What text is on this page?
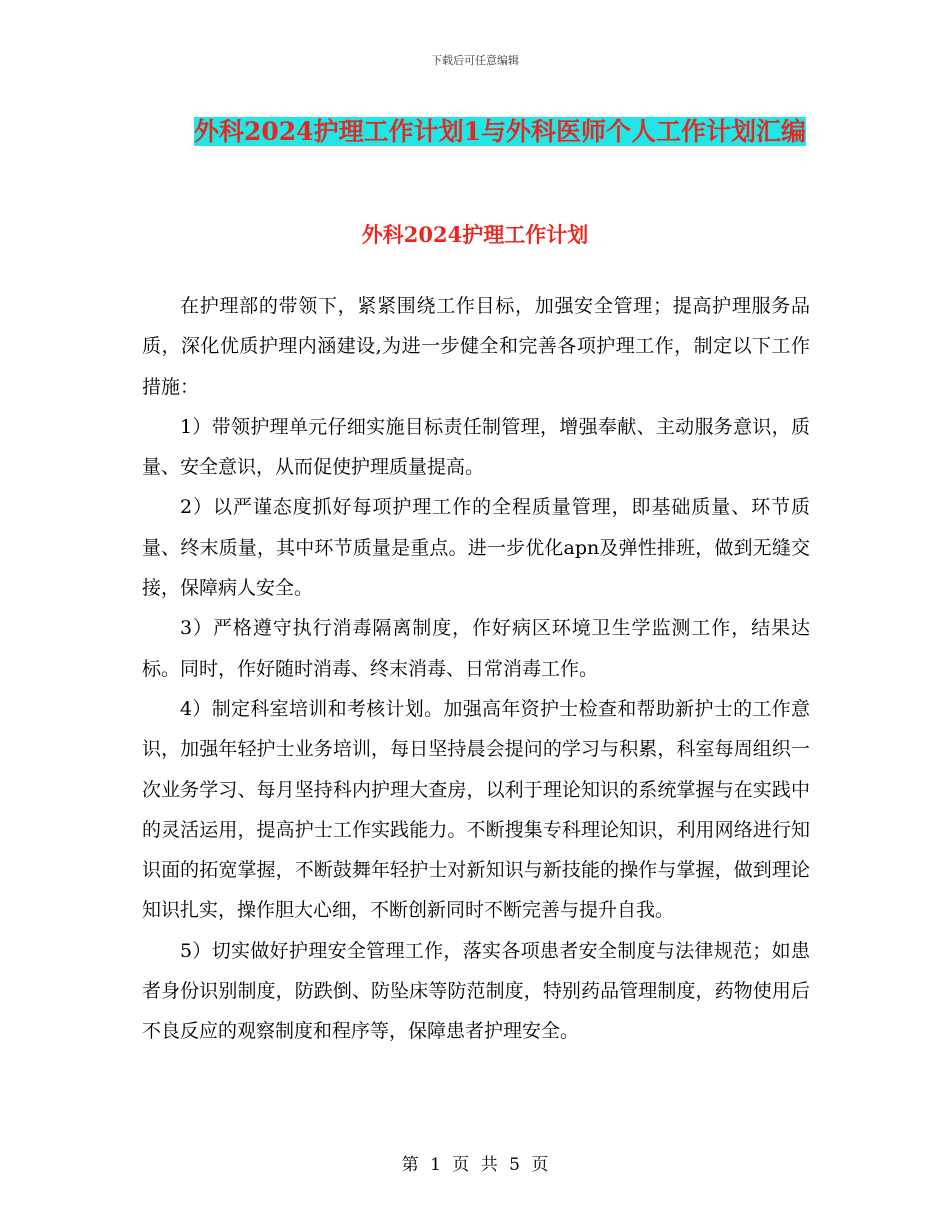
下载后可任意编辑
外科2024护理工作计划1与外科医师个人工作计划汇编
外科2024护理工作计划

在护理部的带领下，紧紧围绕工作目标，加强安全管理；提高护理服务品质，深化优质护理内涵建设,为进一步健全和完善各项护理工作，制定以下工作措施：

1）带领护理单元仔细实施目标责任制管理，增强奉献、主动服务意识，质量、安全意识，从而促使护理质量提高。

2）以严谨态度抓好每项护理工作的全程质量管理，即基础质量、环节质量、终末质量，其中环节质量是重点。进一步优化apn及弹性排班，做到无缝交接，保障病人安全。

3）严格遵守执行消毒隔离制度，作好病区环境卫生学监测工作，结果达标。同时，作好随时消毒、终末消毒、日常消毒工作。

4）制定科室培训和考核计划。加强高年资护士检查和帮助新护士的工作意识，加强年轻护士业务培训，每日坚持晨会提问的学习与积累，科室每周组织一次业务学习、每月坚持科内护理大查房，以利于理论知识的系统掌握与在实践中的灵活运用，提高护士工作实践能力。不断搜集专科理论知识，利用网络进行知识面的拓宽掌握，不断鼓舞年轻护士对新知识与新技能的操作与掌握，做到理论知识扎实，操作胆大心细，不断创新同时不断完善与提升自我。

5）切实做好护理安全管理工作，落实各项患者安全制度与法律规范；如患者身份识别制度，防跌倒、防坠床等防范制度，特别药品管理制度，药物使用后不良反应的观察制度和程序等，保障患者护理安全。

第 1 页 共 5 页
